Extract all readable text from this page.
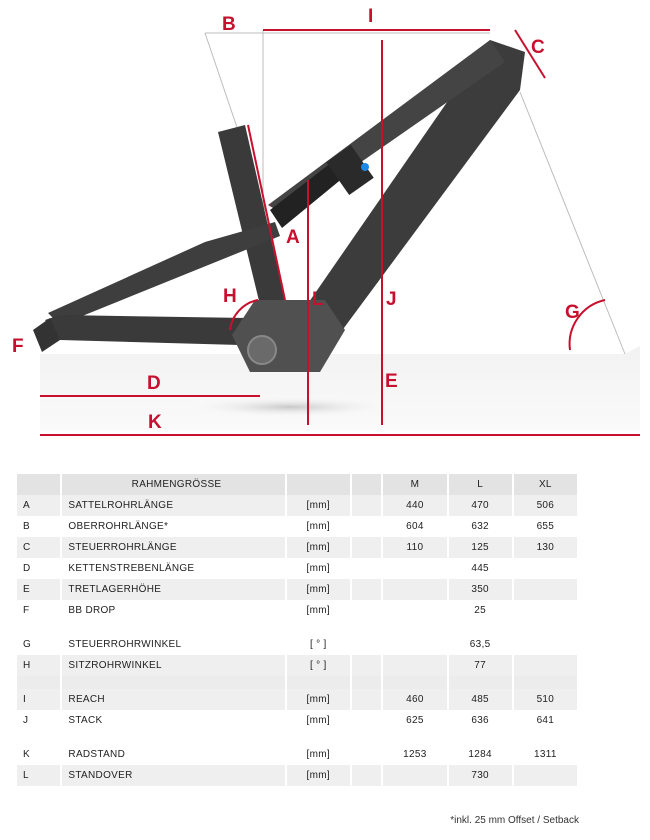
A
B
C
D	E
F
G
H
I
J
K
L
	RAHMENGRÖSSE			M	L	XL
A	SATTELROHRLÄNGE	[mm]		440	470	506
B	OBERROHRLÄNGE*	[mm]		604	632	655
C	STEUERROHRLÄNGE	[mm]		110	125	130
D	KETTENSTREBENLÄNGE	[mm]			445	
E	TRETLAGERHÖHE	[mm]			350	
F	BB DROP	[mm]			25	

G	STEUERROHRWINKEL	[ ° ]			63,5	
H	SITZROHRWINKEL	[ ° ]			77	

I	REACH	[mm]		460	485	510
J	STACK	[mm]		625	636	641

K	RADSTAND	[mm]		1253	1284	1311
L	STANDOVER	[mm]			730	
*inkl. 25 mm Offset / Setback
